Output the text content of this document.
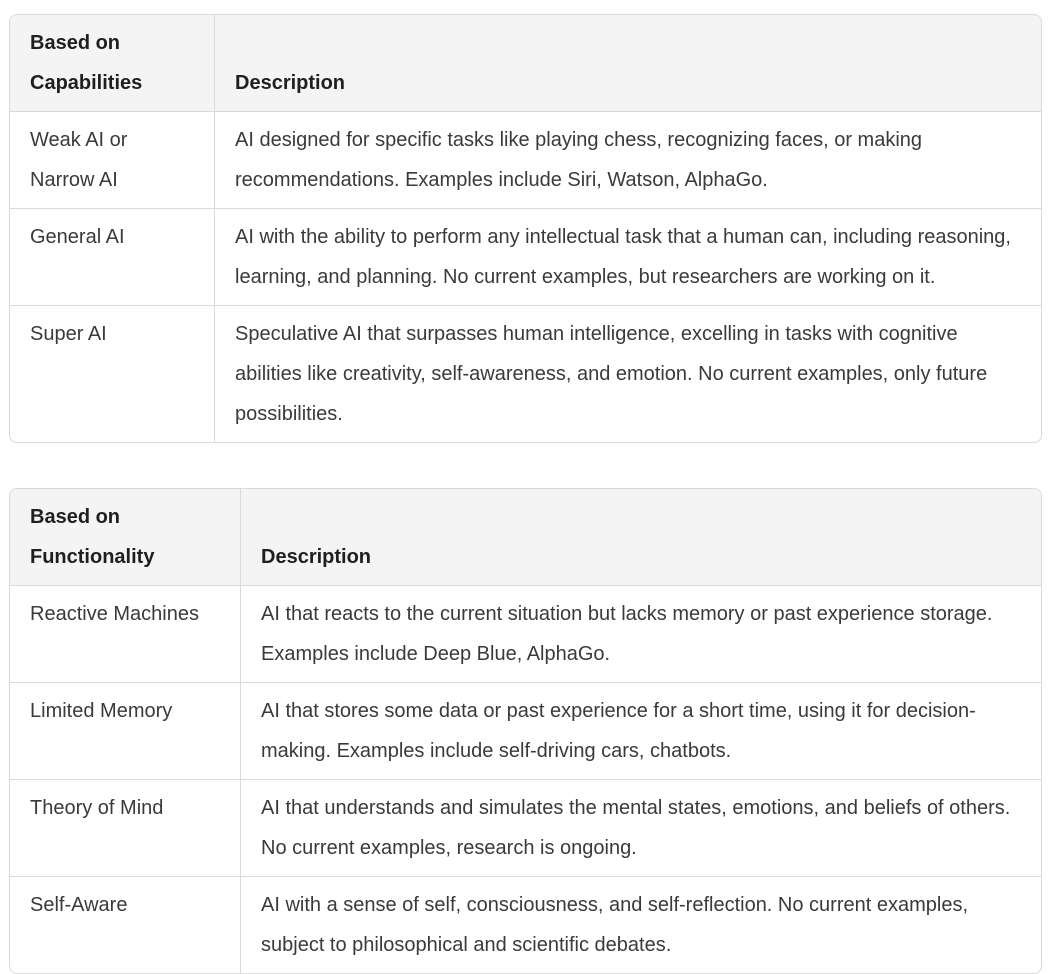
Based on Capabilities	Description
Weak AI or Narrow AI	AI designed for specific tasks like playing chess, recognizing faces, or making recommendations. Examples include Siri, Watson, AlphaGo.
General AI	AI with the ability to perform any intellectual task that a human can, including reasoning, learning, and planning. No current examples, but researchers are working on it.
Super AI	Speculative AI that surpasses human intelligence, excelling in tasks with cognitive abilities like creativity, self-awareness, and emotion. No current examples, only future possibilities.
Based on Functionality	Description
Reactive Machines	AI that reacts to the current situation but lacks memory or past experience storage. Examples include Deep Blue, AlphaGo.
Limited Memory	AI that stores some data or past experience for a short time, using it for decision-making. Examples include self-driving cars, chatbots.
Theory of Mind	AI that understands and simulates the mental states, emotions, and beliefs of others. No current examples, research is ongoing.
Self-Aware	AI with a sense of self, consciousness, and self-reflection. No current examples, subject to philosophical and scientific debates.
